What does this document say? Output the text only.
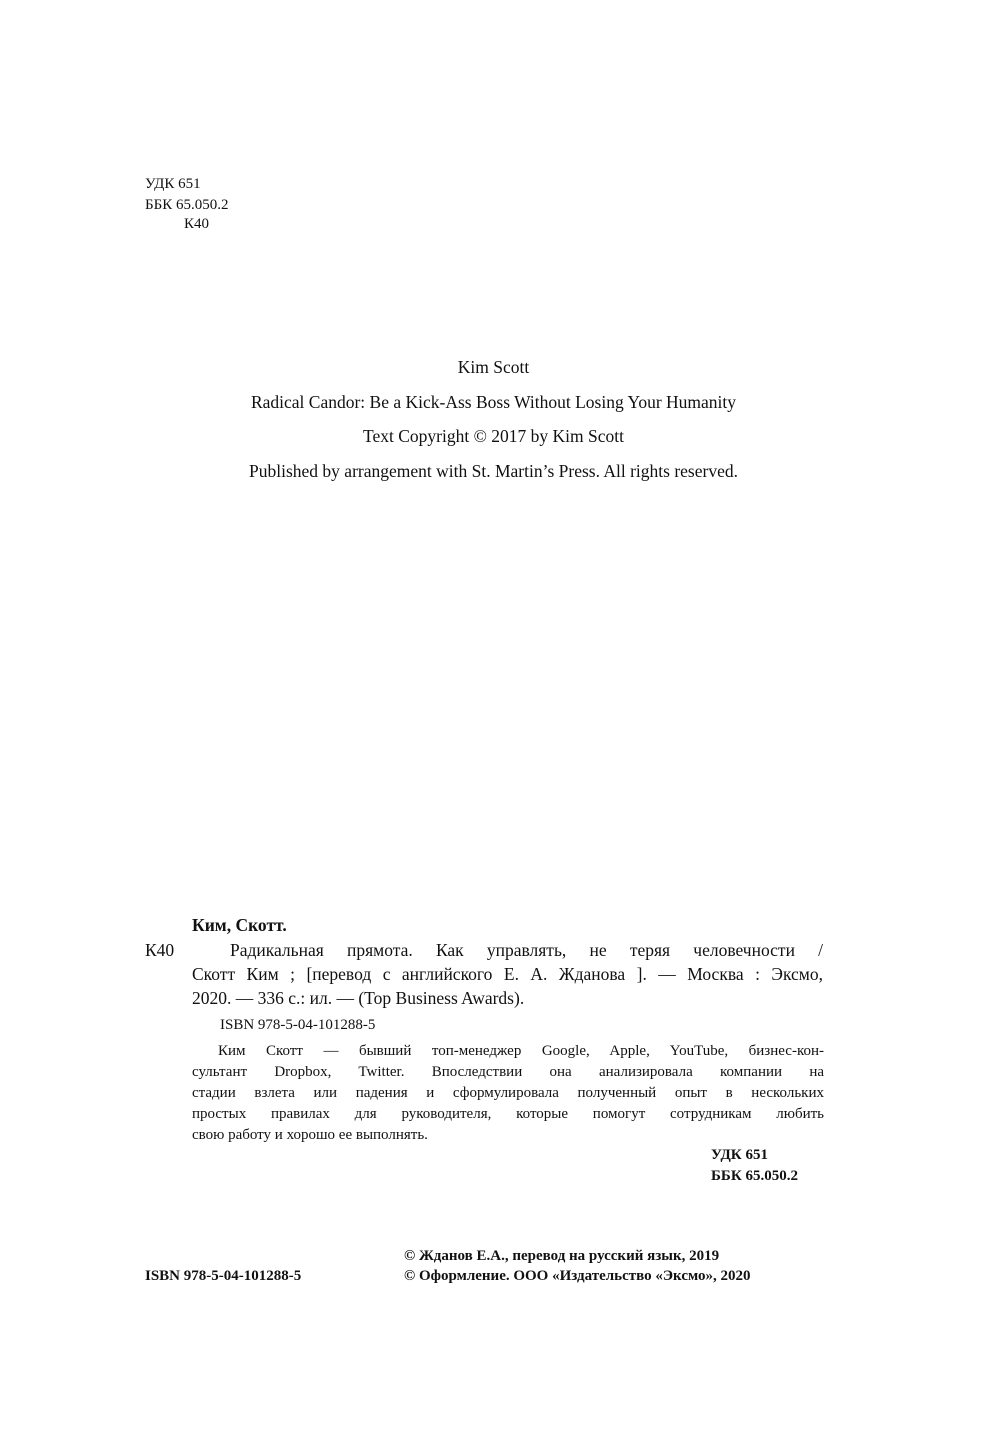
УДК 651
ББК 65.050.2
К40
Kim Scott
Radical Candor: Be a Kick-Ass Boss Without Losing Your Humanity
Text Copyright © 2017 by Kim Scott
Published by arrangement with St. Martin’s Press. All rights reserved.
Ким, Скотт.
К40	Радикальная прямота. Как управлять, не теряя человечности /
Скотт Ким ; [перевод с английского Е. А. Жданова ]. — Москва : Эксмо,
2020. — 336 с.: ил. — (Top Business Awards).
ISBN 978-5-04-101288-5
Ким Скотт — бывший топ-менеджер Google, Apple, YouTube, бизнес-кон-
сультант Dropbox, Twitter. Впоследствии она анализировала компании на
стадии взлета или падения и сформулировала полученный опыт в нескольких
простых правилах для руководителя, которые помогут сотрудникам любить
свою работу и хорошо ее выполнять.
УДК 651
ББК 65.050.2
ISBN 978-5-04-101288-5
© Жданов Е.А., перевод на русский язык, 2019
© Оформление. ООО «Издательство «Эксмо», 2020
